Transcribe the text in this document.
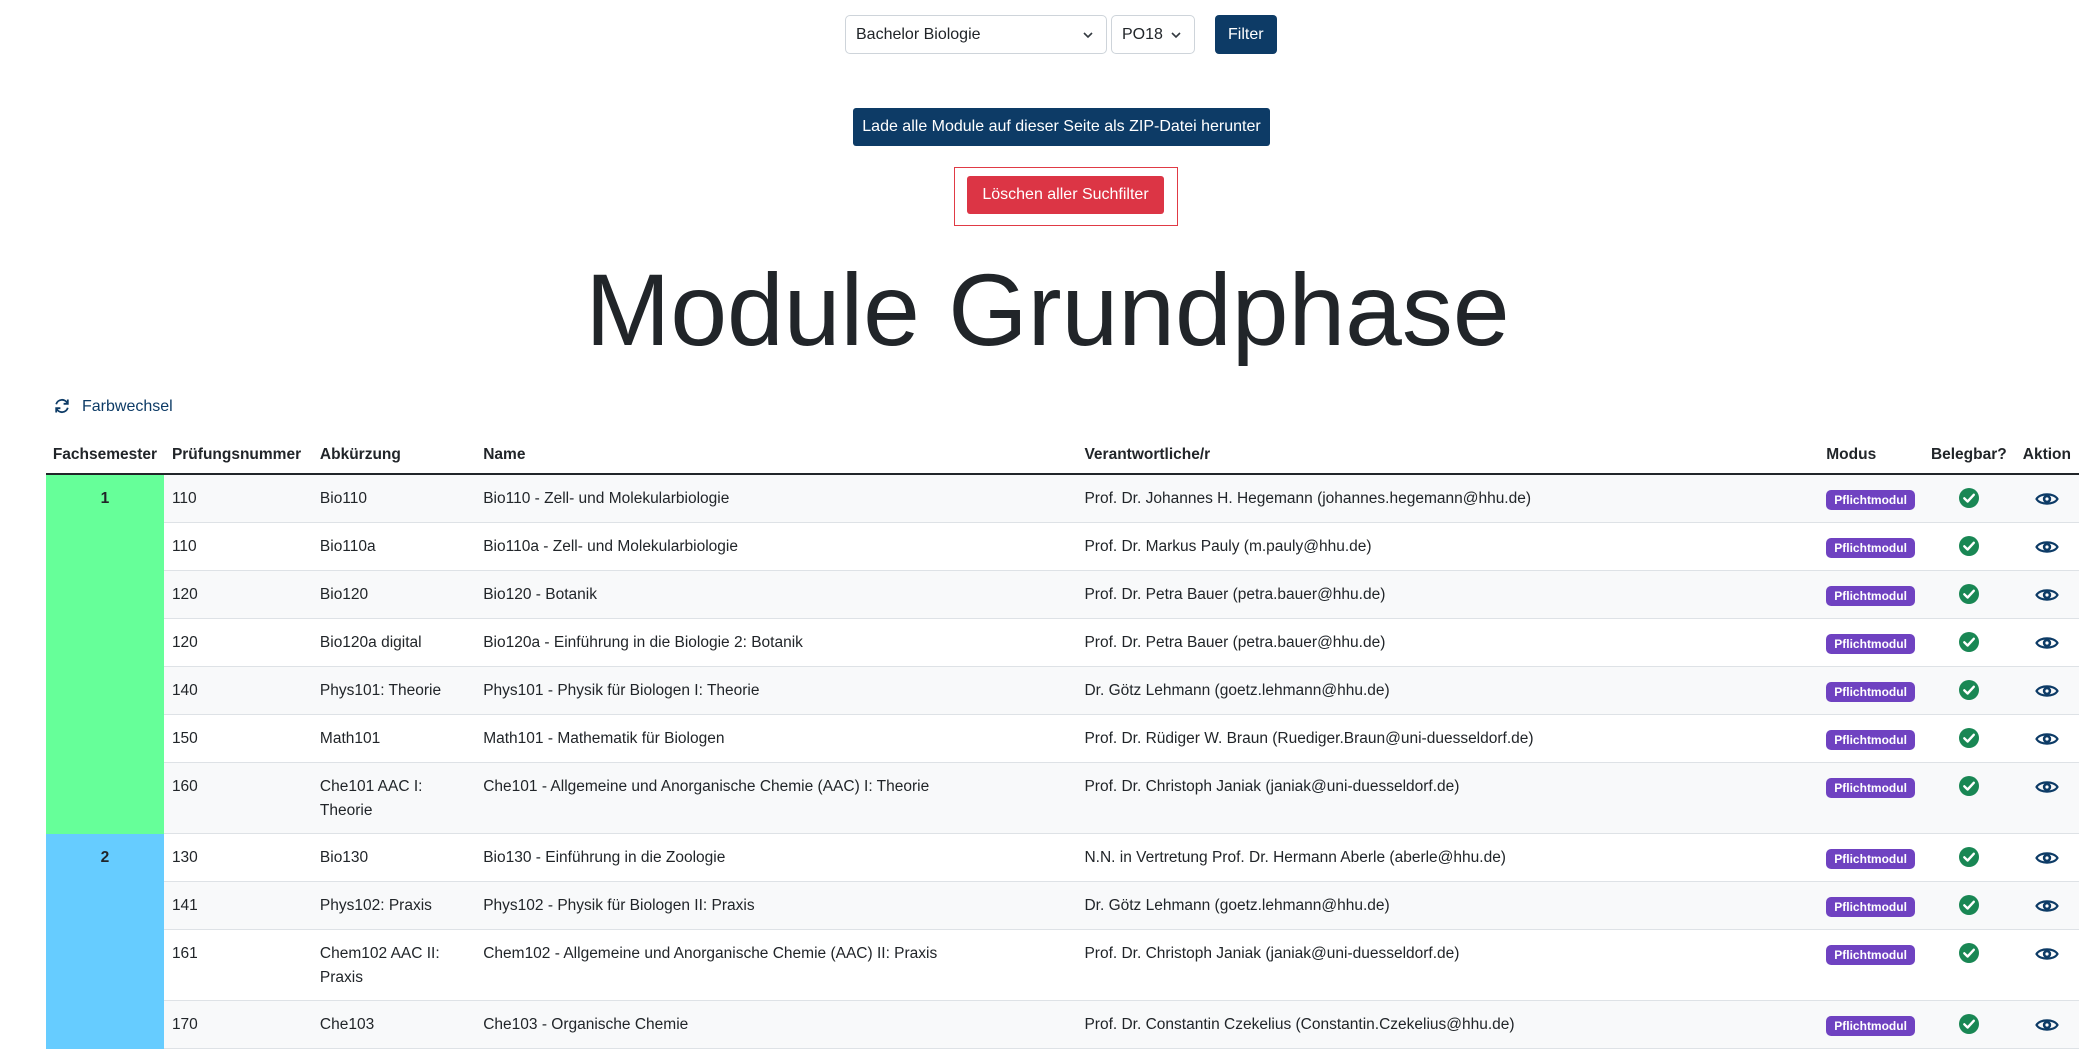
Bachelor Biologie	PO18	Filter
Lade alle Module auf dieser Seite als ZIP-Datei herunter
Löschen aller Suchfilter
Module Grundphase
Farbwechsel
Fachsemester	Prüfungsnummer	Abkürzung	Name	Verantwortliche/r	Modus	Belegbar?	Aktion
1	110	Bio110	Bio110 - Zell- und Molekularbiologie	Prof. Dr. Johannes H. Hegemann (johannes.hegemann@hhu.de)	Pflichtmodul		
	110	Bio110a	Bio110a - Zell- und Molekularbiologie	Prof. Dr. Markus Pauly (m.pauly@hhu.de)	Pflichtmodul		
	120	Bio120	Bio120 - Botanik	Prof. Dr. Petra Bauer (petra.bauer@hhu.de)	Pflichtmodul		
	120	Bio120a digital	Bio120a - Einführung in die Biologie 2: Botanik	Prof. Dr. Petra Bauer (petra.bauer@hhu.de)	Pflichtmodul		
	140	Phys101: Theorie	Phys101 - Physik für Biologen I: Theorie	Dr. Götz Lehmann (goetz.lehmann@hhu.de)	Pflichtmodul		
	150	Math101	Math101 - Mathematik für Biologen	Prof. Dr. Rüdiger W. Braun (Ruediger.Braun@uni-duesseldorf.de)	Pflichtmodul		
	160	Che101 AAC I: Theorie	Che101 - Allgemeine und Anorganische Chemie (AAC) I: Theorie	Prof. Dr. Christoph Janiak (janiak@uni-duesseldorf.de)	Pflichtmodul		
2	130	Bio130	Bio130 - Einführung in die Zoologie	N.N. in Vertretung Prof. Dr. Hermann Aberle (aberle@hhu.de)	Pflichtmodul		
	141	Phys102: Praxis	Phys102 - Physik für Biologen II: Praxis	Dr. Götz Lehmann (goetz.lehmann@hhu.de)	Pflichtmodul		
	161	Chem102 AAC II: Praxis	Chem102 - Allgemeine und Anorganische Chemie (AAC) II: Praxis	Prof. Dr. Christoph Janiak (janiak@uni-duesseldorf.de)	Pflichtmodul		
	170	Che103	Che103 - Organische Chemie	Prof. Dr. Constantin Czekelius (Constantin.Czekelius@hhu.de)	Pflichtmodul		
